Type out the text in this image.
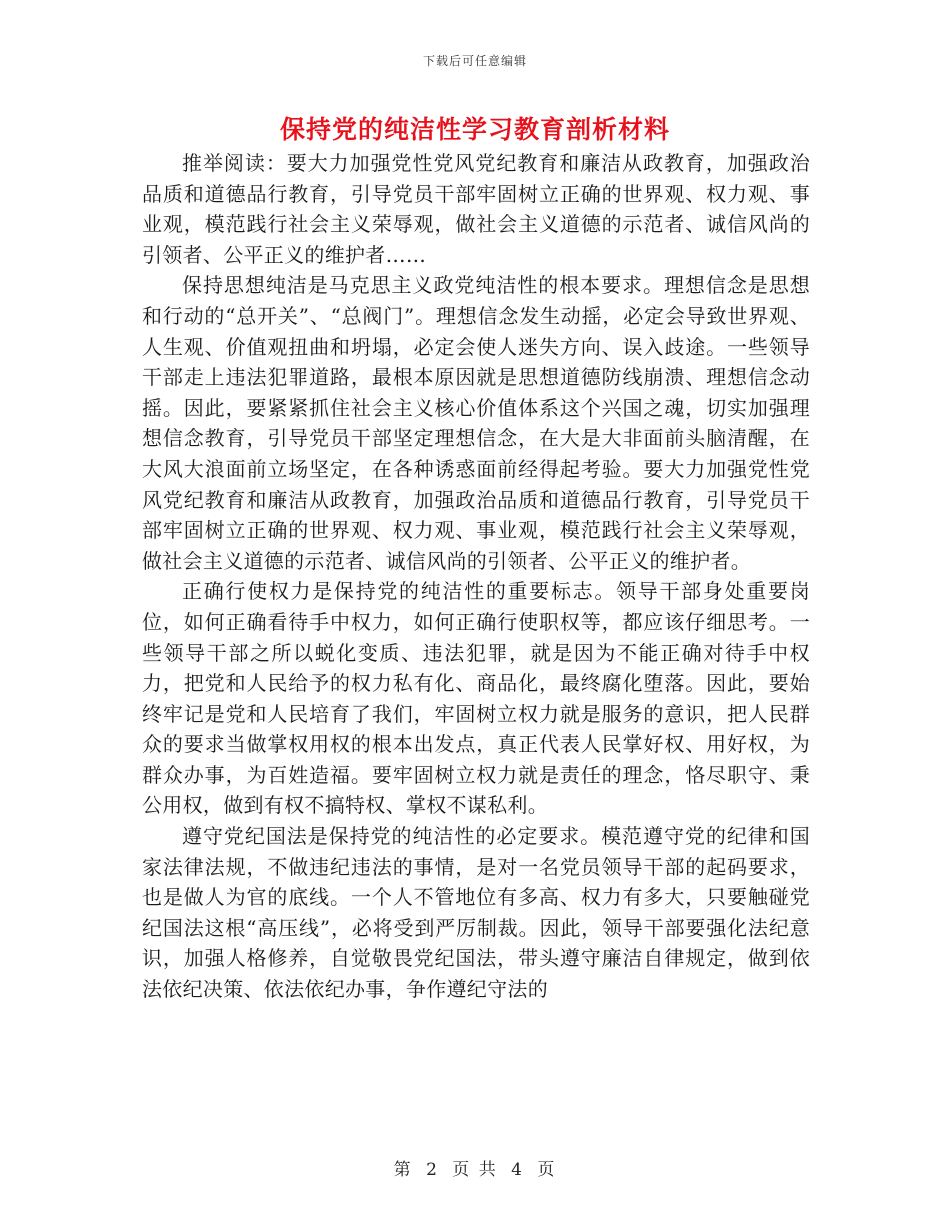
下载后可任意编辑
保持党的纯洁性学习教育剖析材料

推举阅读：要大力加强党性党风党纪教育和廉洁从政教育，加强政治品质和道德品行教育，引导党员干部牢固树立正确的世界观、权力观、事业观，模范践行社会主义荣辱观，做社会主义道德的示范者、诚信风尚的引领者、公平正义的维护者……

保持思想纯洁是马克思主义政党纯洁性的根本要求。理想信念是思想和行动的“总开关”、“总阀门”。理想信念发生动摇，必定会导致世界观、人生观、价值观扭曲和坍塌，必定会使人迷失方向、误入歧途。一些领导干部走上违法犯罪道路，最根本原因就是思想道德防线崩溃、理想信念动摇。因此，要紧紧抓住社会主义核心价值体系这个兴国之魂，切实加强理想信念教育，引导党员干部坚定理想信念，在大是大非面前头脑清醒，在大风大浪面前立场坚定，在各种诱惑面前经得起考验。要大力加强党性党风党纪教育和廉洁从政教育，加强政治品质和道德品行教育，引导党员干部牢固树立正确的世界观、权力观、事业观，模范践行社会主义荣辱观，做社会主义道德的示范者、诚信风尚的引领者、公平正义的维护者。

正确行使权力是保持党的纯洁性的重要标志。领导干部身处重要岗位，如何正确看待手中权力，如何正确行使职权等，都应该仔细思考。一些领导干部之所以蜕化变质、违法犯罪，就是因为不能正确对待手中权力，把党和人民给予的权力私有化、商品化，最终腐化堕落。因此，要始终牢记是党和人民培育了我们，牢固树立权力就是服务的意识，把人民群众的要求当做掌权用权的根本出发点，真正代表人民掌好权、用好权，为群众办事，为百姓造福。要牢固树立权力就是责任的理念，恪尽职守、秉公用权，做到有权不搞特权、掌权不谋私利。

遵守党纪国法是保持党的纯洁性的必定要求。模范遵守党的纪律和国家法律法规，不做违纪违法的事情，是对一名党员领导干部的起码要求，也是做人为官的底线。一个人不管地位有多高、权力有多大，只要触碰党纪国法这根“高压线”，必将受到严厉制裁。因此，领导干部要强化法纪意识，加强人格修养，自觉敬畏党纪国法，带头遵守廉洁自律规定，做到依法依纪决策、依法依纪办事，争作遵纪守法的

第 2 页 共 4 页
